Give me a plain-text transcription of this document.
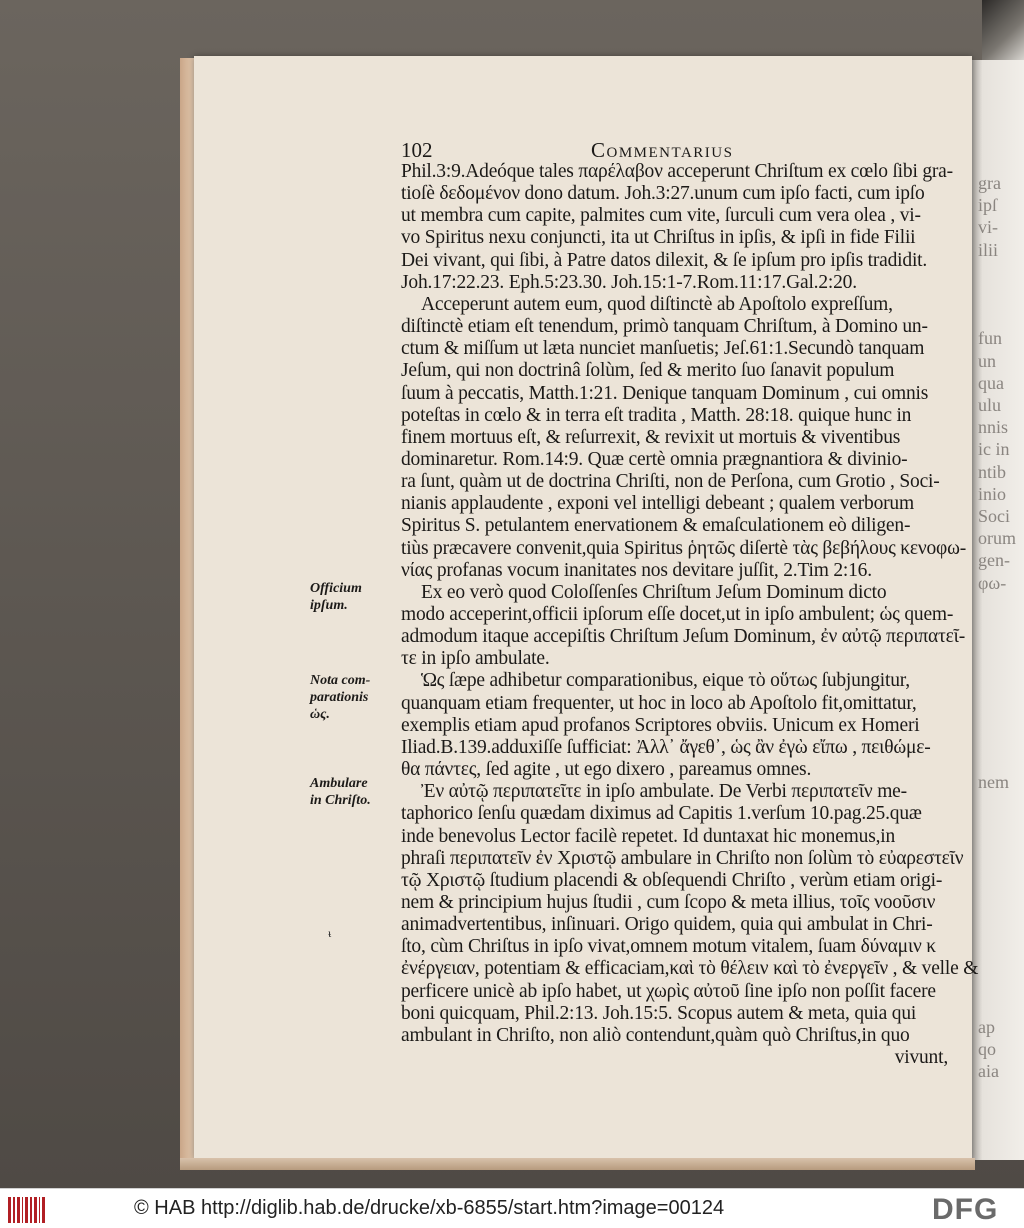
gra
ipſ
vi-
ilii
fun
un
qua
ulu
nnis
ic in
ntib
inio
Soci
orum
gen-
φω-
nem
ap
qo
aia
102	Commentarius
Phil.3:9.Adeóque tales παρέλαβον acceperunt Chriſtum ex cœlo ſibi gra-
tioſè δεδομένον dono datum. Joh.3:27.unum cum ipſo facti, cum ipſo
ut membra cum capite, palmites cum vite, ſurculi cum vera olea , vi-
vo Spiritus nexu conjuncti, ita ut Chriſtus in ipſis, & ipſi in fide Filii
Dei vivant, qui ſibi, à Patre datos dilexit, & ſe ipſum pro ipſis tradidit.
Joh.17:22.23. Eph.5:23.30. Joh.15:1-7.Rom.11:17.Gal.2:20.
Acceperunt autem eum, quod diſtinctè ab Apoſtolo expreſſum,
diſtinctè etiam eſt tenendum, primò tanquam Chriſtum, à Domino un-
ctum & miſſum ut læta nunciet manſuetis; Jeſ.61:1.Secundò tanquam
Jeſum, qui non doctrinâ ſolùm, ſed & merito ſuo ſanavit populum
ſuum à peccatis, Matth.1:21. Denique tanquam Dominum , cui omnis
poteſtas in cœlo & in terra eſt tradita , Matth. 28:18. quique hunc in
finem mortuus eſt, & reſurrexit, & revixit ut mortuis & viventibus
dominaretur. Rom.14:9. Quæ certè omnia prægnantiora & divinio-
ra ſunt, quàm ut de doctrina Chriſti, non de Perſona, cum Grotio , Soci-
nianis applaudente , exponi vel intelligi debeant ; qualem verborum
Spiritus S. petulantem enervationem & emaſculationem eò diligen-
tiùs præcavere convenit,quia Spiritus ῥητῶς diſertè τὰς βεβήλους κενοφω-
νίας profanas vocum inanitates nos devitare juſſit, 2.Tim 2:16.
Ex eo verò quod Coloſſenſes Chriſtum Jeſum Dominum dicto
modo acceperint,officii ipſorum eſſe docet,ut in ipſo ambulent; ὡς quem-
admodum itaque accepiſtis Chriſtum Jeſum Dominum, ἐν αὐτῷ περιπατεῖ-
τε in ipſo ambulate.
Ὡς ſæpe adhibetur comparationibus, eique τὸ οὕτως ſubjungitur,
quanquam etiam frequenter, ut hoc in loco ab Apoſtolo fit,omittatur,
exemplis etiam apud profanos Scriptores obviis. Unicum ex Homeri
Iliad.B.139.adduxiſſe ſufficiat: Ἀλλ᾽ ἄγεθ᾽, ὡς ἂν ἐγὼ εἴπω , πειθώμε-
θα πάντες, ſed agite , ut ego dixero , pareamus omnes.
Ἐν αὐτῷ περιπατεῖτε in ipſo ambulate. De Verbi περιπατεῖν me-
taphorico ſenſu quædam diximus ad Capitis 1.verſum 10.pag.25.quæ
inde benevolus Lector facilè repetet. Id duntaxat hic monemus,in
phraſi περιπατεῖν ἐν Χριστῷ ambulare in Chriſto non ſolùm τὸ εὐαρεστεῖν
τῷ Χριστῷ ſtudium placendi & obſequendi Chriſto , verùm etiam origi-
nem & principium hujus ſtudii , cum ſcopo & meta illius, τοῖς νοοῦσιν
animadvertentibus, inſinuari. Origo quidem, quia qui ambulat in Chri-
ſto, cùm Chriſtus in ipſo vivat,omnem motum vitalem, ſuam δύναμιν κ
ἐνέργειαν, potentiam & efficaciam,καὶ τὸ θέλειν καὶ τὸ ἐνεργεῖν , & velle &
perficere unicè ab ipſo habet, ut χωρὶς αὐτοῦ ſine ipſo non poſſit facere
boni quicquam, Phil.2:13. Joh.15:5. Scopus autem & meta, quia qui
ambulant in Chriſto, non aliò contendunt,quàm quò Chriſtus,in quo
vivunt,
Officium
ipſum.
Nota com-
parationis
ὡς.
Ambulare
in Chriſto.
ᵼ
© HAB http://diglib.hab.de/drucke/xb-6855/start.htm?image=00124	DFG
